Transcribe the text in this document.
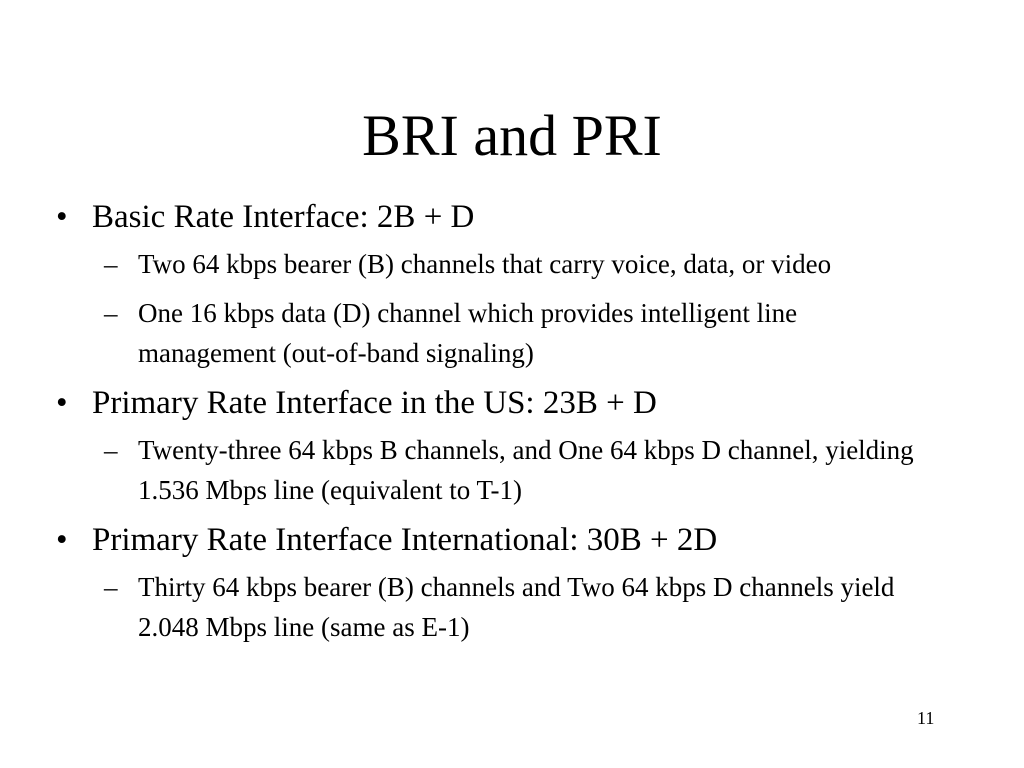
BRI and PRI
• Basic Rate Interface: 2B + D
– Two 64 kbps bearer (B) channels that carry voice, data, or video
– One 16 kbps data (D) channel which provides intelligent line management (out-of-band signaling)
• Primary Rate Interface in the US: 23B + D
– Twenty-three 64 kbps B channels, and One 64 kbps D channel, yielding 1.536 Mbps line (equivalent to T-1)
• Primary Rate Interface International: 30B + 2D
– Thirty 64 kbps bearer (B) channels and Two 64 kbps D channels yield 2.048 Mbps line (same as E-1)
11
